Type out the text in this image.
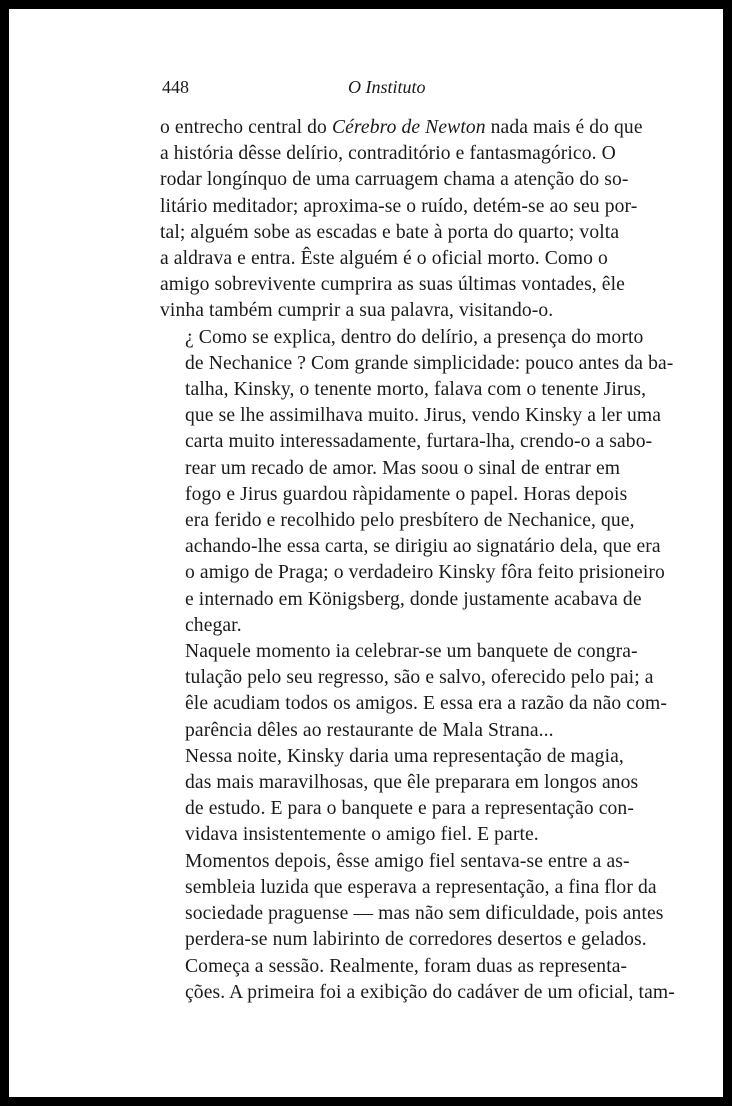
448	O Instituto
o entrecho central do Cérebro de Newton nada mais é do que
a história dêsse delírio, contraditório e fantasmagórico. O
rodar longínquo de uma carruagem chama a atenção do so-
litário meditador; aproxima-se o ruído, detém-se ao seu por-
tal; alguém sobe as escadas e bate à porta do quarto; volta
a aldrava e entra. Êste alguém é o oficial morto. Como o
amigo sobrevivente cumprira as suas últimas vontades, êle
vinha também cumprir a sua palavra, visitando-o.
¿ Como se explica, dentro do delírio, a presença do morto
de Nechanice ? Com grande simplicidade: pouco antes da ba-
talha, Kinsky, o tenente morto, falava com o tenente Jirus,
que se lhe assimilhava muito. Jirus, vendo Kinsky a ler uma
carta muito interessadamente, furtara-lha, crendo-o a sabo-
rear um recado de amor. Mas soou o sinal de entrar em
fogo e Jirus guardou ràpidamente o papel. Horas depois
era ferido e recolhido pelo presbítero de Nechanice, que,
achando-lhe essa carta, se dirigiu ao signatário dela, que era
o amigo de Praga; o verdadeiro Kinsky fôra feito prisioneiro
e internado em Königsberg, donde justamente acabava de
chegar.
Naquele momento ia celebrar-se um banquete de congra-
tulação pelo seu regresso, são e salvo, oferecido pelo pai; a
êle acudiam todos os amigos. E essa era a razão da não com-
parência dêles ao restaurante de Mala Strana...
Nessa noite, Kinsky daria uma representação de magia,
das mais maravilhosas, que êle preparara em longos anos
de estudo. E para o banquete e para a representação con-
vidava insistentemente o amigo fiel. E parte.
Momentos depois, êsse amigo fiel sentava-se entre a as-
sembleia luzida que esperava a representação, a fina flor da
sociedade praguense — mas não sem dificuldade, pois antes
perdera-se num labirinto de corredores desertos e gelados.
Começa a sessão. Realmente, foram duas as representa-
ções. A primeira foi a exibição do cadáver de um oficial, tam-
